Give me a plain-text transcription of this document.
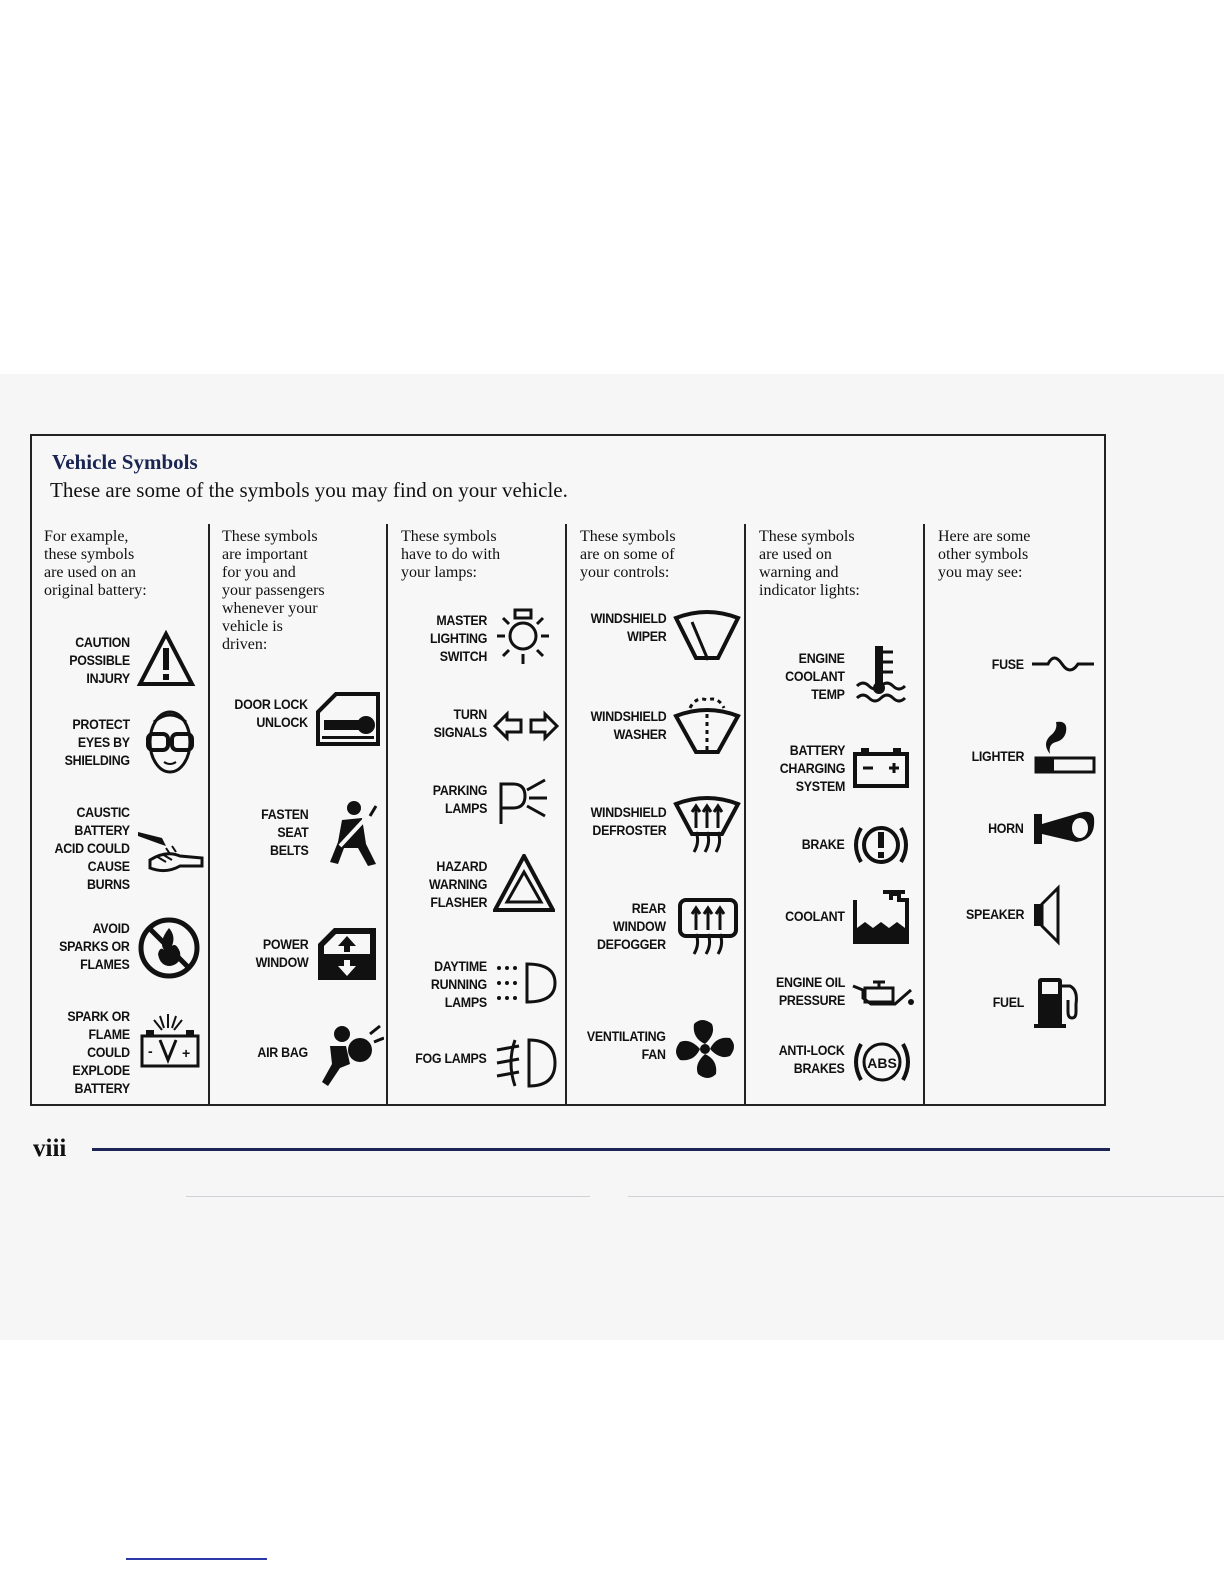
Vehicle Symbols
These are some of the symbols you may find on your vehicle.
For example,
these symbols
are used on an
original battery:
CAUTION
POSSIBLE
INJURY
PROTECT
EYES BY
SHIELDING
CAUSTIC
BATTERY
ACID COULD
CAUSE
BURNS
AVOID
SPARKS OR
FLAMES
SPARK OR
FLAME
COULD
EXPLODE
BATTERY
- +
These symbols
are important
for you and
your passengers
whenever your
vehicle is
driven:
DOOR LOCK
UNLOCK
FASTEN
SEAT
BELTS
POWER
WINDOW
AIR BAG
These symbols
have to do with
your lamps:
MASTER
LIGHTING
SWITCH
TURN
SIGNALS
PARKING
LAMPS
HAZARD
WARNING
FLASHER
DAYTIME
RUNNING
LAMPS
FOG LAMPS
These symbols
are on some of
your controls:
WINDSHIELD
WIPER
WINDSHIELD
WASHER
WINDSHIELD
DEFROSTER
REAR
WINDOW
DEFOGGER
VENTILATING
FAN
These symbols
are used on
warning and
indicator lights:
ENGINE
COOLANT
TEMP
BATTERY
CHARGING
SYSTEM
BRAKE
COOLANT
ENGINE OIL
PRESSURE
ANTI-LOCK
BRAKES ABS
Here are some
other symbols
you may see:
FUSE
LIGHTER
HORN
SPEAKER
FUEL
viii
